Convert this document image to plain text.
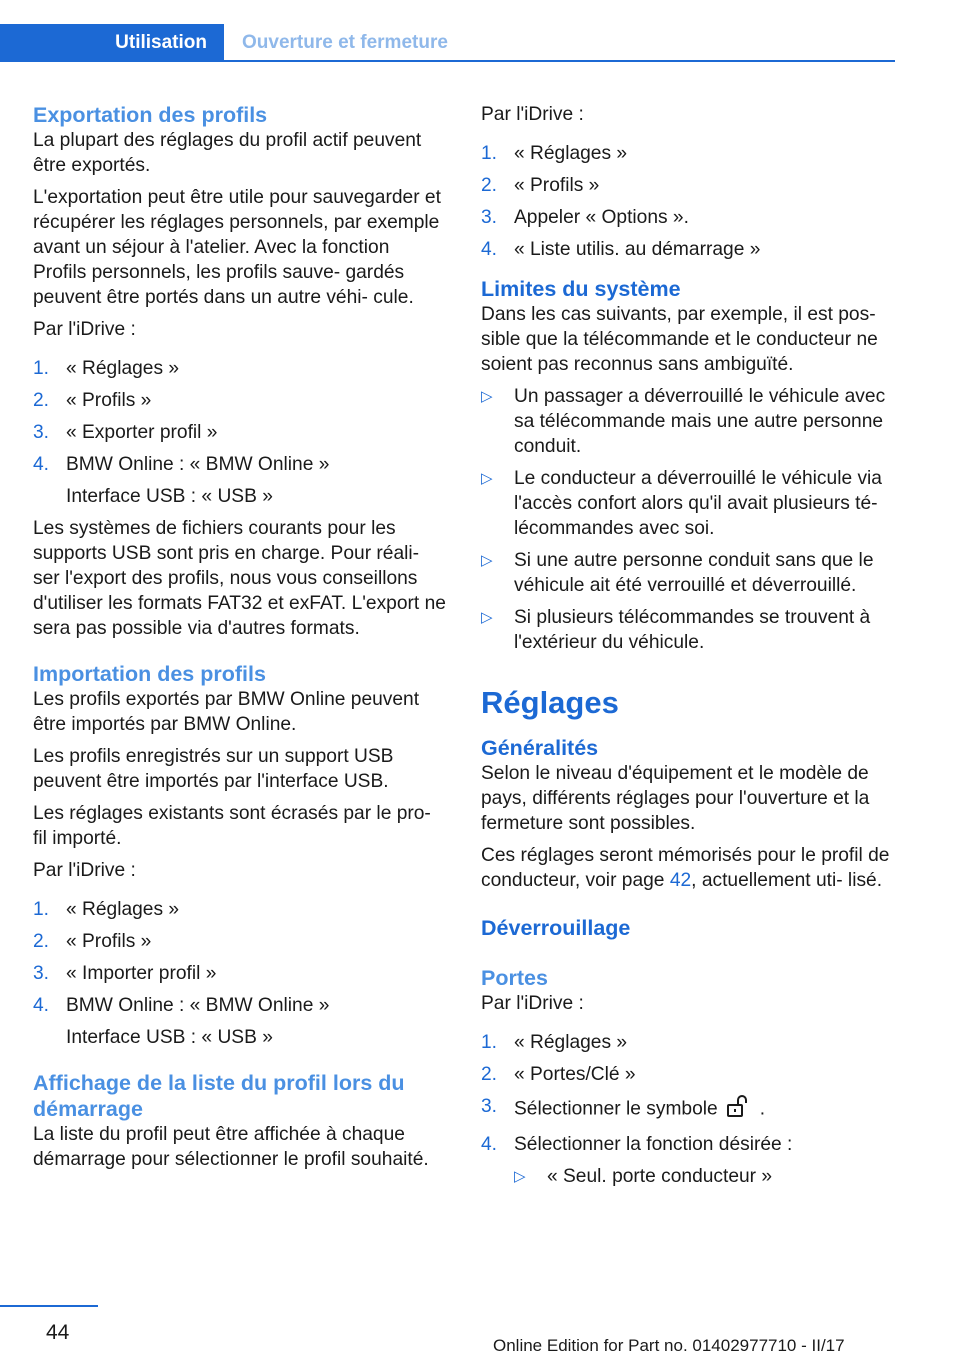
Utilisation	Ouverture et fermeture
Exportation des profils

La plupart des réglages du profil actif peuvent être exportés.

L'exportation peut être utile pour sauvegarder et récupérer les réglages personnels, par exemple avant un séjour à l'atelier. Avec la fonction Profils personnels, les profils sauve‐ gardés peuvent être portés dans un autre véhi‐ cule.

Par l'iDrive :

1. « Réglages »
2. « Profils »
3. « Exporter profil »
4. BMW Online : « BMW Online »

Interface USB : « USB »

Les systèmes de fichiers courants pour les supports USB sont pris en charge. Pour réali‐ ser l'export des profils, nous vous conseillons d'utiliser les formats FAT32 et exFAT. L'export ne sera pas possible via d'autres formats.

Importation des profils

Les profils exportés par BMW Online peuvent être importés par BMW Online.

Les profils enregistrés sur un support USB peuvent être importés par l'interface USB.

Les réglages existants sont écrasés par le pro‐ fil importé.

Par l'iDrive :

1. « Réglages »
2. « Profils »
3. « Importer profil »
4. BMW Online : « BMW Online »

Interface USB : « USB »

Affichage de la liste du profil lors du démarrage

La liste du profil peut être affichée à chaque démarrage pour sélectionner le profil souhaité.

Par l'iDrive :

1. « Réglages »
2. « Profils »
3. Appeler « Options ».
4. « Liste utilis. au démarrage »
Limites du système

Dans les cas suivants, par exemple, il est pos‐ sible que la télécommande et le conducteur ne soient pas reconnus sans ambiguïté.

▷	Un passager a déverrouillé le véhicule avec sa télécommande mais une autre personne conduit.
▷	Le conducteur a déverrouillé le véhicule via l'accès confort alors qu'il avait plusieurs té‐ lécommandes avec soi.
▷	Si une autre personne conduit sans que le véhicule ait été verrouillé et déverrouillé.
▷	Si plusieurs télécommandes se trouvent à l'extérieur du véhicule.
Réglages
Généralités

Selon le niveau d'équipement et le modèle de pays, différents réglages pour l'ouverture et la fermeture sont possibles.

Ces réglages seront mémorisés pour le profil de conducteur, voir page 42, actuellement uti‐ lisé.

Déverrouillage
Portes

Par l'iDrive :

1. « Réglages »
2. « Portes/Clé »
3. Sélectionner le symbole .
4. Sélectionner la fonction désirée :
▷	« Seul. porte conducteur »
44
Online Edition for Part no. 01402977710 - II/17
